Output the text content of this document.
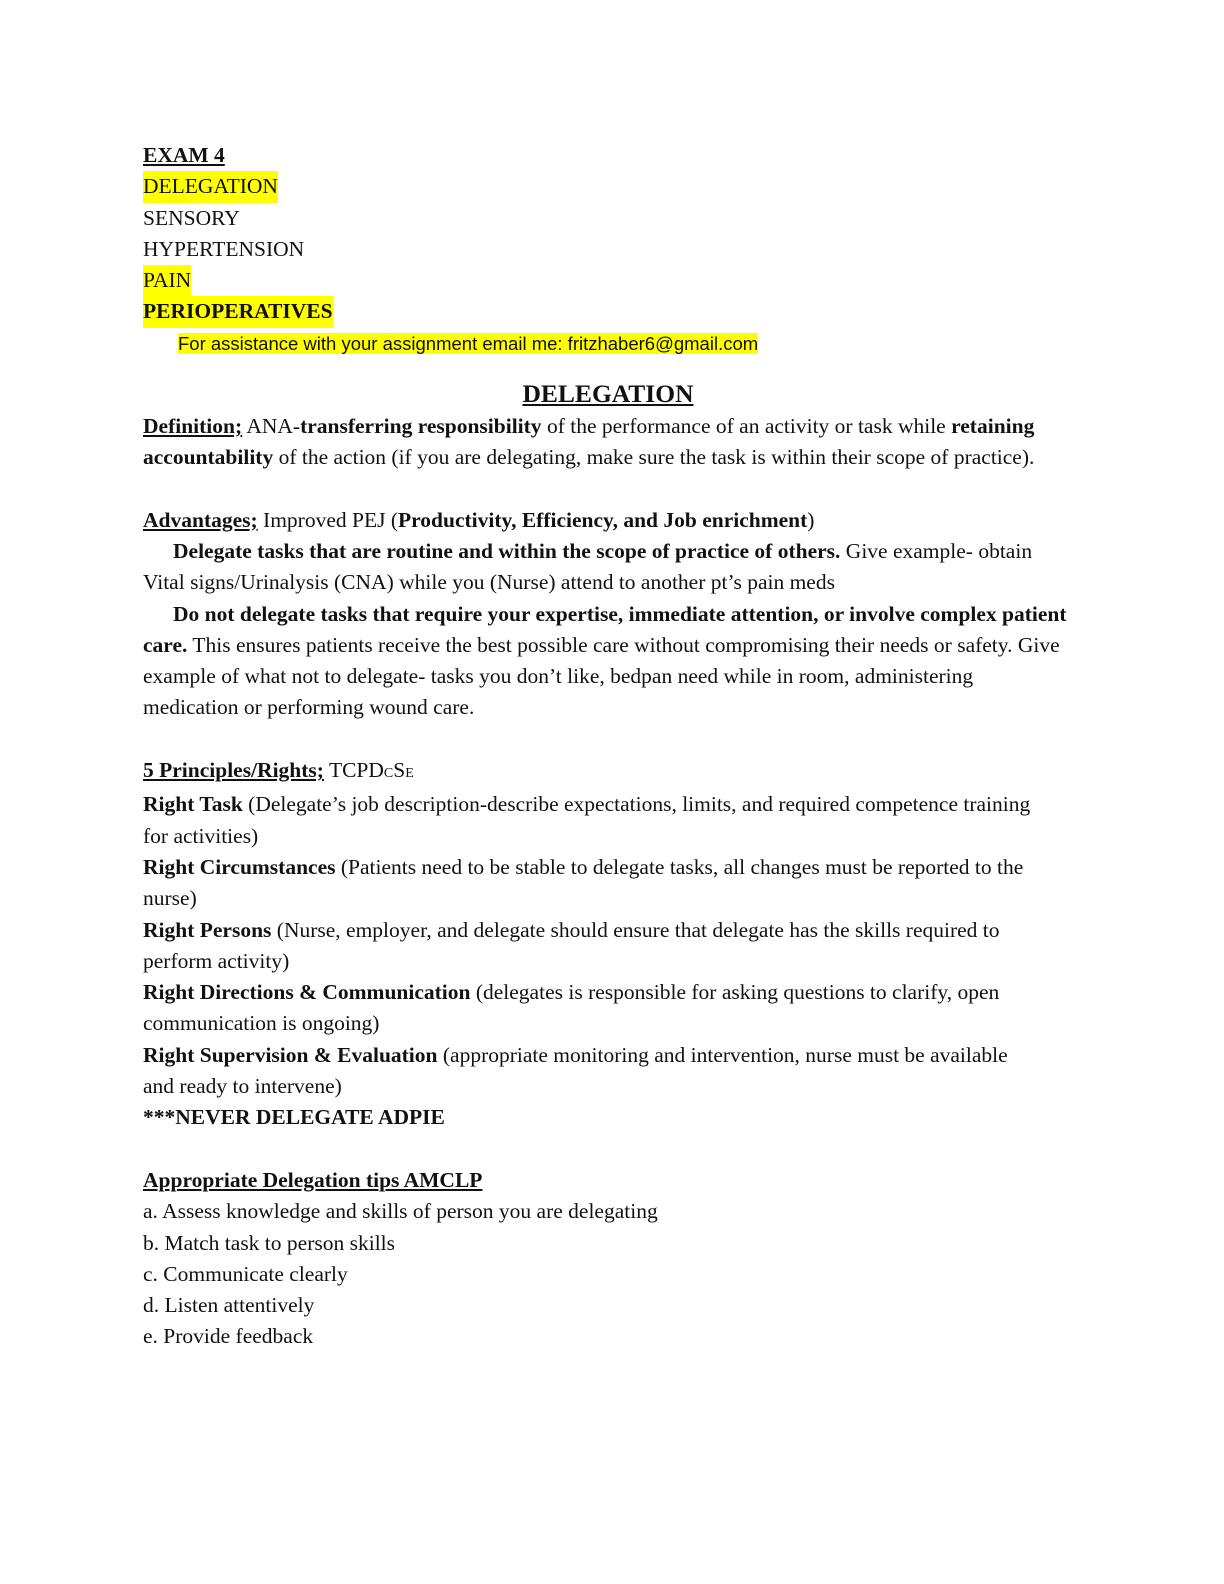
EXAM 4
DELEGATION
SENSORY
HYPERTENSION
PAIN
PERIOPERATIVES
For assistance with your assignment email me: fritzhaber6@gmail.com
DELEGATION
Definition; ANA-transferring responsibility of the performance of an activity or task while retaining accountability of the action (if you are delegating, make sure the task is within their scope of practice).
Advantages; Improved PEJ (Productivity, Efficiency, and Job enrichment)
Delegate tasks that are routine and within the scope of practice of others. Give example- obtain Vital signs/Urinalysis (CNA) while you (Nurse) attend to another pt’s pain meds
Do not delegate tasks that require your expertise, immediate attention, or involve complex patient care. This ensures patients receive the best possible care without compromising their needs or safety. Give example of what not to delegate- tasks you don’t like, bedpan need while in room, administering medication or performing wound care.
5 Principles/Rights; TCPDCSE
Right Task (Delegate’s job description-describe expectations, limits, and required competence training for activities)
Right Circumstances (Patients need to be stable to delegate tasks, all changes must be reported to the nurse)
Right Persons (Nurse, employer, and delegate should ensure that delegate has the skills required to perform activity)
Right Directions & Communication (delegates is responsible for asking questions to clarify, open communication is ongoing)
Right Supervision & Evaluation (appropriate monitoring and intervention, nurse must be available and ready to intervene)
***NEVER DELEGATE ADPIE
Appropriate Delegation tips AMCLP
a. Assess knowledge and skills of person you are delegating
b. Match task to person skills
c. Communicate clearly
d. Listen attentively
e. Provide feedback
